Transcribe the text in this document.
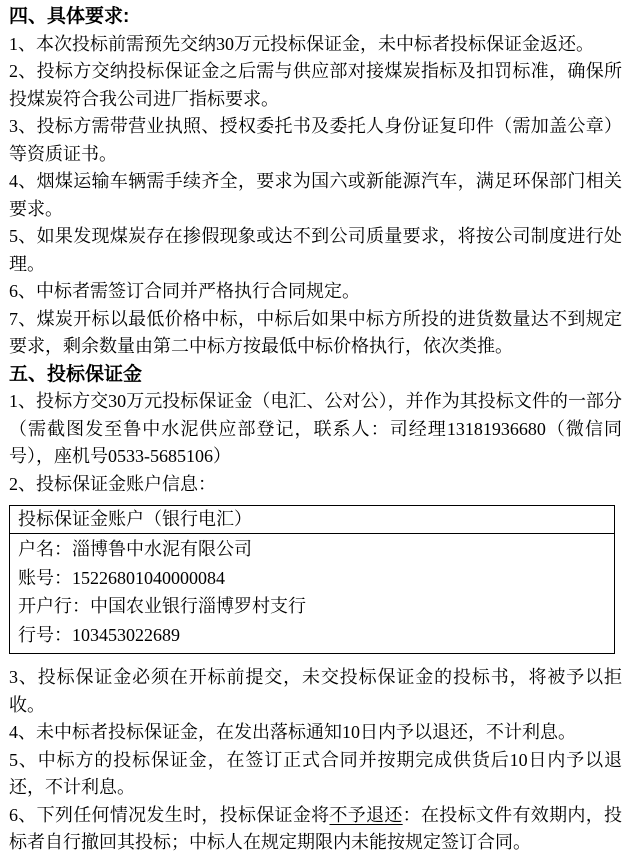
四、具体要求:

1、本次投标前需预先交纳30万元投标保证金，未中标者投标保证金返还。

2、投标方交纳投标保证金之后需与供应部对接煤炭指标及扣罚标准，确保所投煤炭符合我公司进厂指标要求。

3、投标方需带营业执照、授权委托书及委托人身份证复印件（需加盖公章）等资质证书。

4、烟煤运输车辆需手续齐全，要求为国六或新能源汽车，满足环保部门相关要求。

5、如果发现煤炭存在掺假现象或达不到公司质量要求，将按公司制度进行处理。

6、中标者需签订合同并严格执行合同规定。

7、煤炭开标以最低价格中标，中标后如果中标方所投的进货数量达不到规定要求，剩余数量由第二中标方按最低中标价格执行，依次类推。

五、投标保证金

1、投标方交30万元投标保证金（电汇、公对公），并作为其投标文件的一部分（需截图发至鲁中水泥供应部登记，联系人：司经理13181936680（微信同号），座机号0533-5685106）

2、投标保证金账户信息：

投标保证金账户（银行电汇）
户名：淄博鲁中水泥有限公司
账号：15226801040000084
开户行：中国农业银行淄博罗村支行
行号：103453022689

3、投标保证金必须在开标前提交，未交投标保证金的投标书，将被予以拒收。

4、未中标者投标保证金，在发出落标通知10日内予以退还，不计利息。

5、中标方的投标保证金，在签订正式合同并按期完成供货后10日内予以退还，不计利息。

6、下列任何情况发生时，投标保证金将不予退还：在投标文件有效期内，投标者自行撤回其投标；中标人在规定期限内未能按规定签订合同。
